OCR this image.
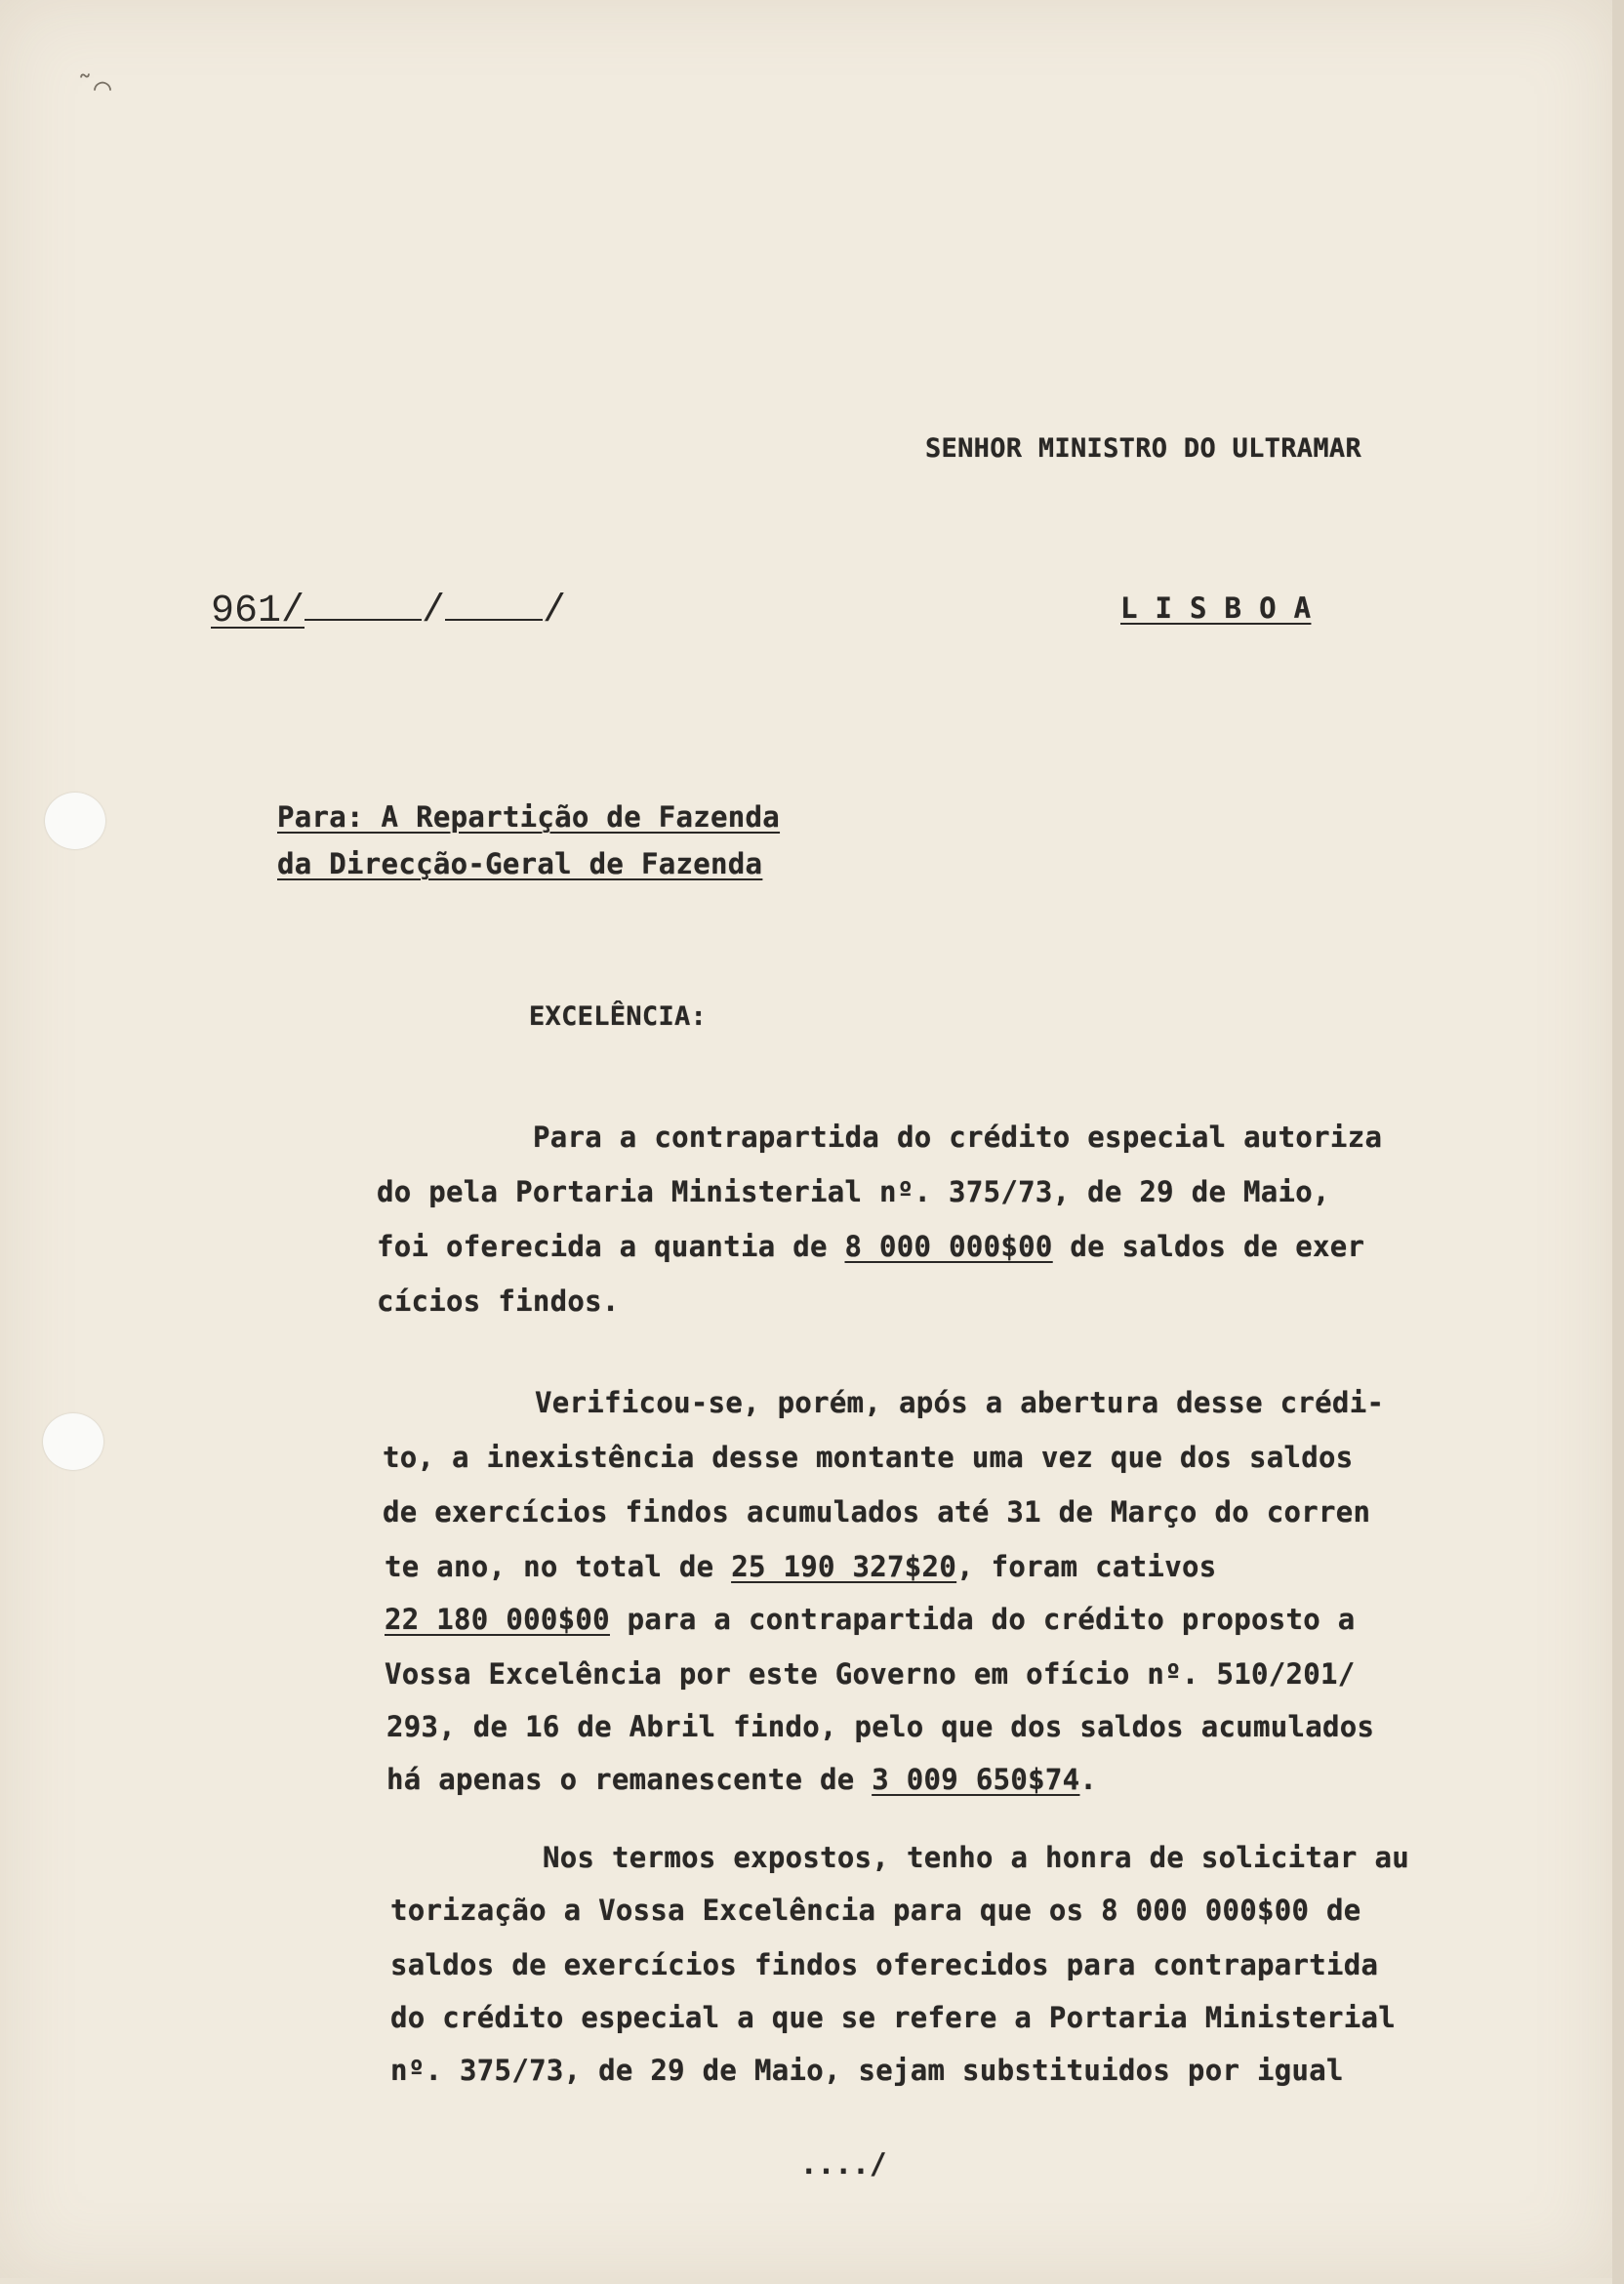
˜⌒
SENHOR MINISTRO DO ULTRAMAR
961/	/	/	L I S B O A
Para: A Repartição de Fazenda
da Direcção-Geral de Fazenda
EXCELÊNCIA:
Para a contrapartida do crédito especial autoriza
do pela Portaria Ministerial nº. 375/73, de 29 de Maio,
foi oferecida a quantia de 8 000 000$00 de saldos de exer
cícios findos.
Verificou-se, porém, após a abertura desse crédi-
to, a inexistência desse montante uma vez que dos saldos
de exercícios findos acumulados até 31 de Março do corren
te ano, no total de 25 190 327$20, foram cativos
22 180 000$00 para a contrapartida do crédito proposto a
Vossa Excelência por este Governo em ofício nº. 510/201/
293, de 16 de Abril findo, pelo que dos saldos acumulados
há apenas o remanescente de 3 009 650$74.
Nos termos expostos, tenho a honra de solicitar au
torização a Vossa Excelência para que os 8 000 000$00 de
saldos de exercícios findos oferecidos para contrapartida
do crédito especial a que se refere a Portaria Ministerial
nº. 375/73, de 29 de Maio, sejam substituidos por igual
..../
